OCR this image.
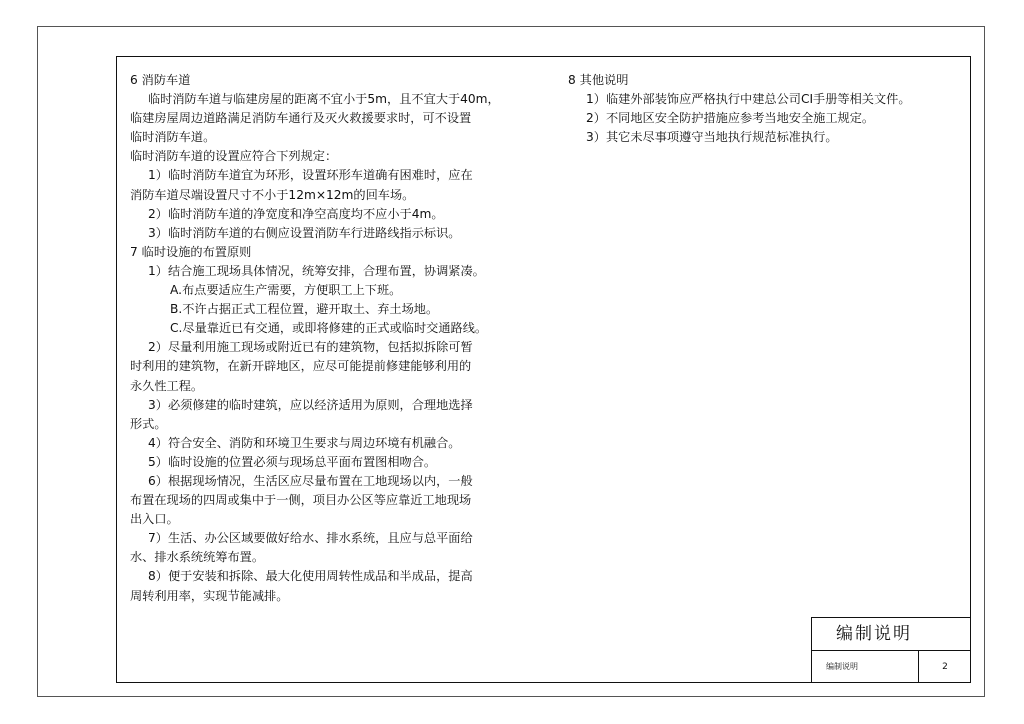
6 消防车道
临时消防车道与临建房屋的距离不宜小于5m，且不宜大于40m，
临建房屋周边道路满足消防车通行及灭火救援要求时，可不设置
临时消防车道。
临时消防车道的设置应符合下列规定：
1）临时消防车道宜为环形，设置环形车道确有困难时，应在
消防车道尽端设置尺寸不小于12m×12m的回车场。
2）临时消防车道的净宽度和净空高度均不应小于4m。
3）临时消防车道的右侧应设置消防车行进路线指示标识。
7 临时设施的布置原则
1）结合施工现场具体情况，统筹安排，合理布置，协调紧凑。
A.布点要适应生产需要，方便职工上下班。
B.不许占据正式工程位置，避开取土、弃土场地。
C.尽量靠近已有交通，或即将修建的正式或临时交通路线。
2）尽量利用施工现场或附近已有的建筑物，包括拟拆除可暂
时利用的建筑物，在新开辟地区，应尽可能提前修建能够利用的
永久性工程。
3）必须修建的临时建筑，应以经济适用为原则，合理地选择
形式。
4）符合安全、消防和环境卫生要求与周边环境有机融合。
5）临时设施的位置必须与现场总平面布置图相吻合。
6）根据现场情况，生活区应尽量布置在工地现场以内，一般
布置在现场的四周或集中于一侧，项目办公区等应靠近工地现场
出入口。
7）生活、办公区域要做好给水、排水系统，且应与总平面给
水、排水系统统筹布置。
8）便于安装和拆除、最大化使用周转性成品和半成品，提高
周转利用率，实现节能减排。
8 其他说明
1）临建外部装饰应严格执行中建总公司CI手册等相关文件。
2）不同地区安全防护措施应参考当地安全施工规定。
3）其它未尽事项遵守当地执行规范标准执行。
编制说明
编制说明	2
